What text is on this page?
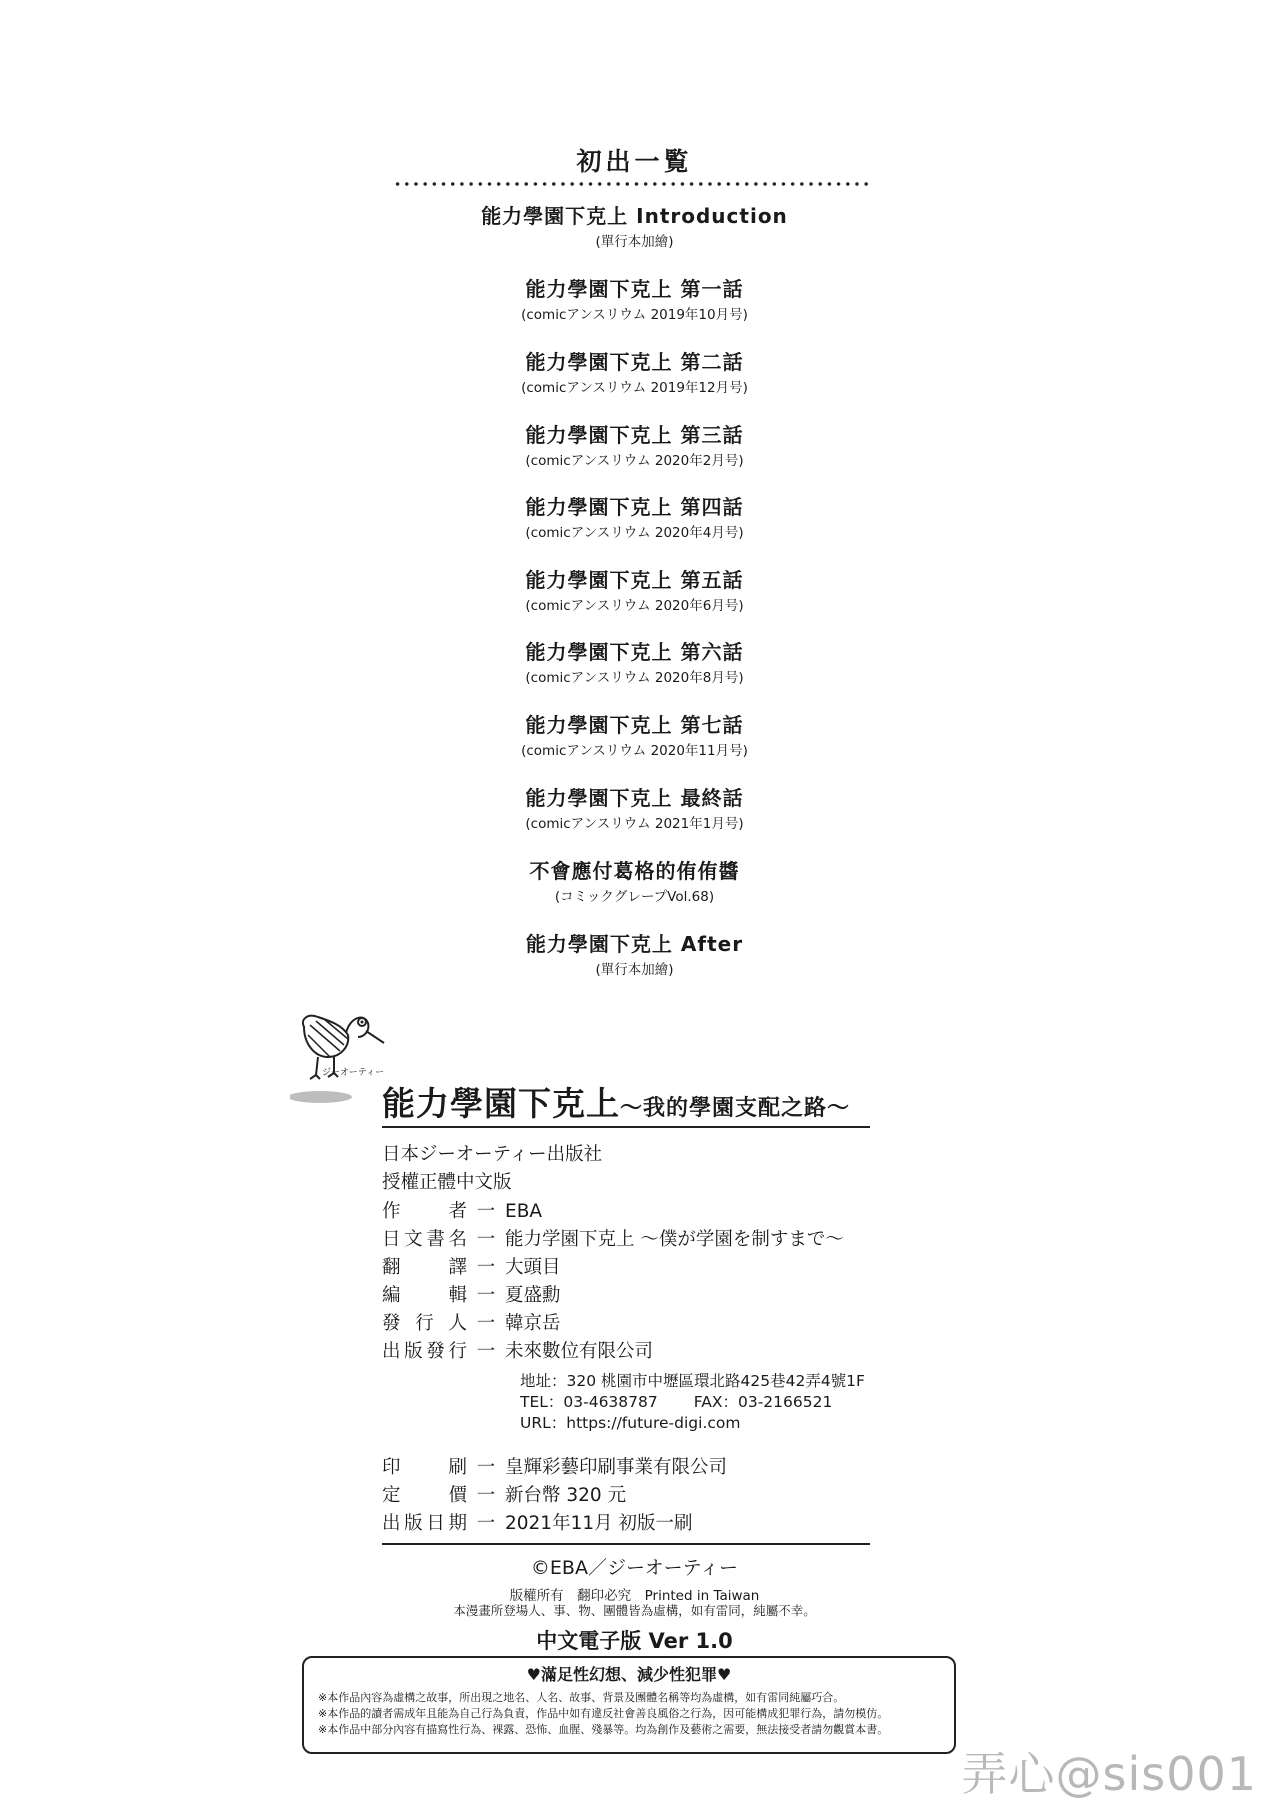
初出一覧
能力學園下克上 Introduction
(單行本加繪)
能力學園下克上 第一話
(comicアンスリウム 2019年10月号)
能力學園下克上 第二話
(comicアンスリウム 2019年12月号)
能力學園下克上 第三話
(comicアンスリウム 2020年2月号)
能力學園下克上 第四話
(comicアンスリウム 2020年4月号)
能力學園下克上 第五話
(comicアンスリウム 2020年6月号)
能力學園下克上 第六話
(comicアンスリウム 2020年8月号)
能力學園下克上 第七話
(comicアンスリウム 2020年11月号)
能力學園下克上 最終話
(comicアンスリウム 2021年1月号)
不會應付葛格的侑侑醬
(コミックグレープVol.68)
能力學園下克上 After
(單行本加繪)
ジーオーティー
能力學園下克上～我的學園支配之路～
日本ジーオーティー出版社
授權正體中文版
作者 一 EBA
日文書名 一 能力学園下克上 ～僕が学園を制すまで～
翻譯 一 大頭目
編輯 一 夏盛勳
發行人 一 韓京岳
出版發行 一 未來數位有限公司
地址：320 桃園市中壢區環北路425巷42弄4號1F
TEL：03-4638787 FAX：03-2166521
URL：https://future-digi.com
印刷 一 皇輝彩藝印刷事業有限公司
定價 一 新台幣 320 元
出版日期 一 2021年11月 初版一刷
©EBA／ジーオーティー
版權所有　翻印必究　Printed in Taiwan
本漫畫所登場人、事、物、團體皆為虛構，如有雷同，純屬不幸。
中文電子版 Ver 1.0
♥滿足性幻想、減少性犯罪♥
※本作品內容為虛構之故事，所出現之地名、人名、故事、背景及團體名稱等均為虛構，如有雷同純屬巧合。
※本作品的讀者需成年且能為自己行為負責，作品中如有違反社會善良風俗之行為，因可能構成犯罪行為，請勿模仿。
※本作品中部分內容有描寫性行為、裸露、恐怖、血腥、殘暴等。均為創作及藝術之需要，無法接受者請勿觀賞本書。
弄心@sis001
